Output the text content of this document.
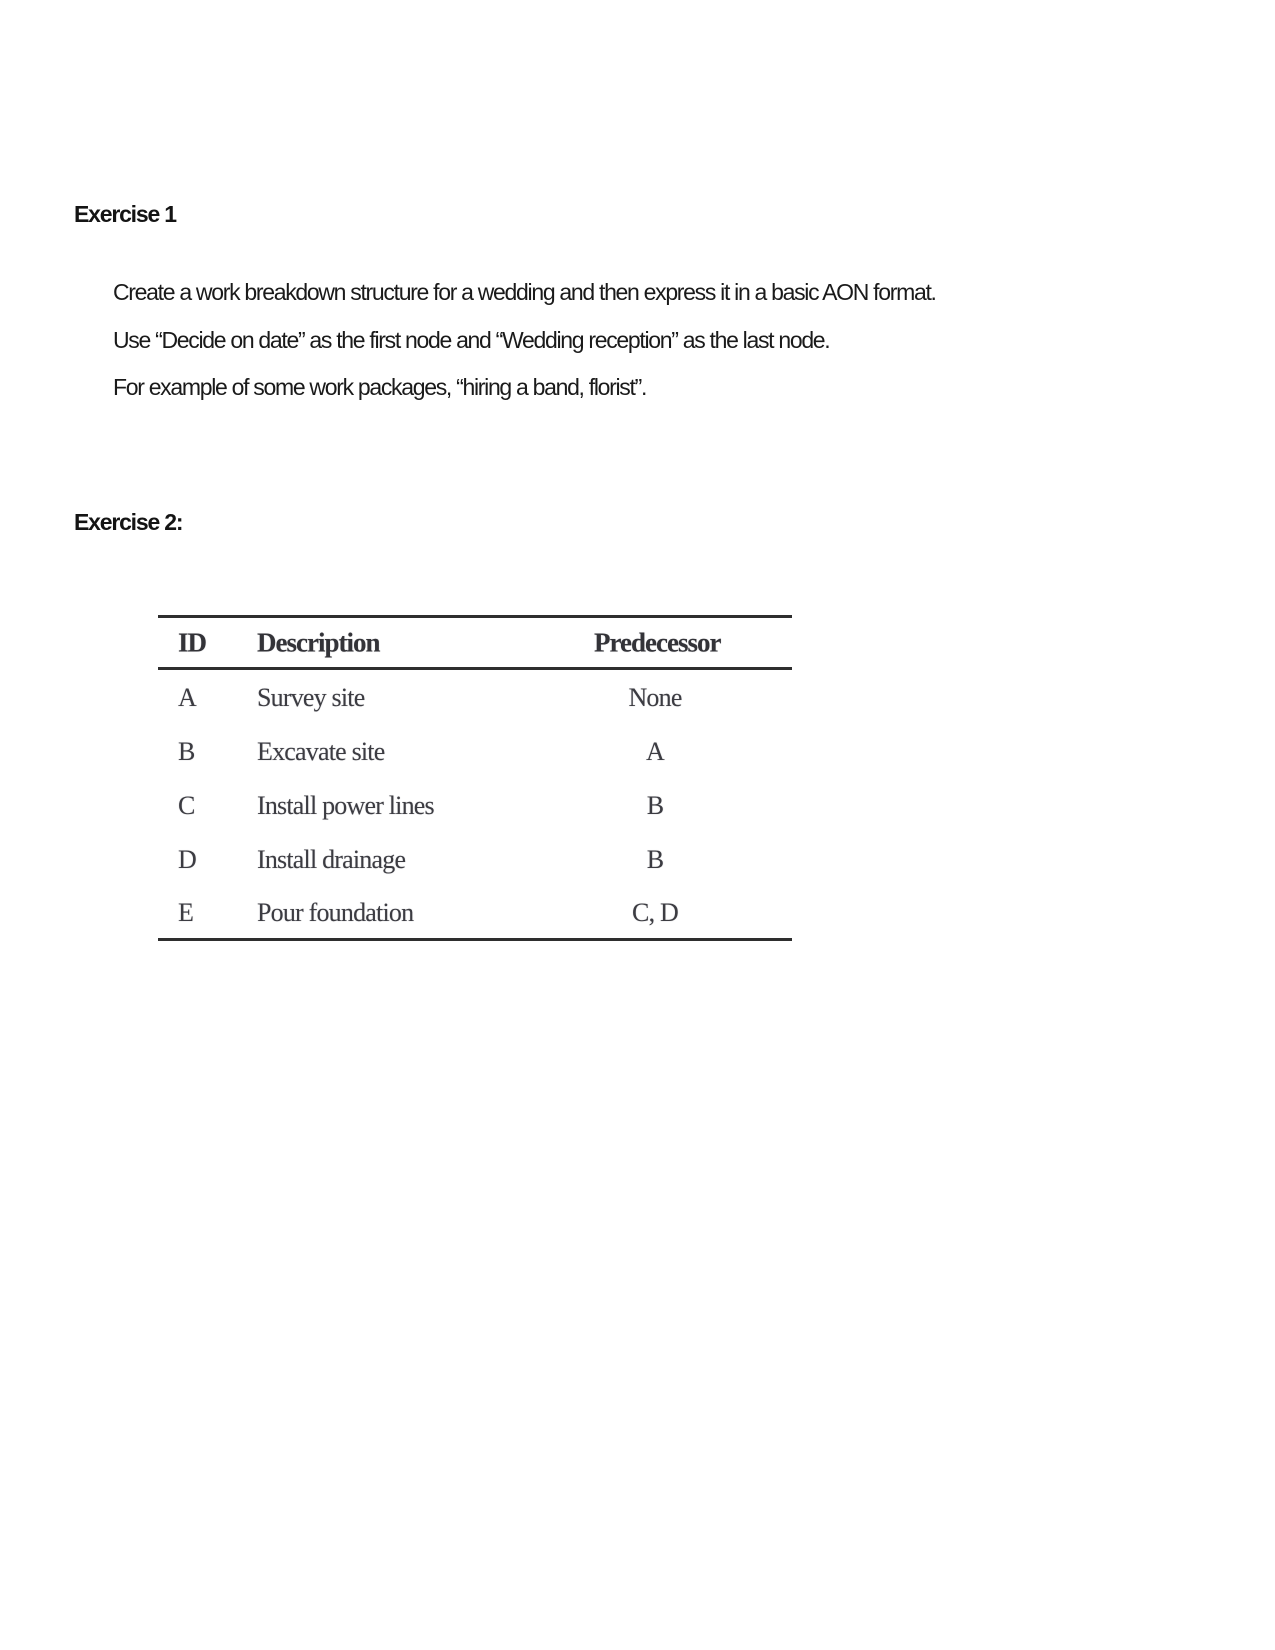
Exercise 1
Create a work breakdown structure for a wedding and then express it in a basic AON format.
Use “Decide on date” as the first node and “Wedding reception” as the last node.
For example of some work packages, “hiring a band, florist”.
Exercise 2:
ID Description	Predecessor
A Survey site	None
B Excavate site	A
C Install power lines	B
D Install drainage	B
E Pour foundation	C, D
